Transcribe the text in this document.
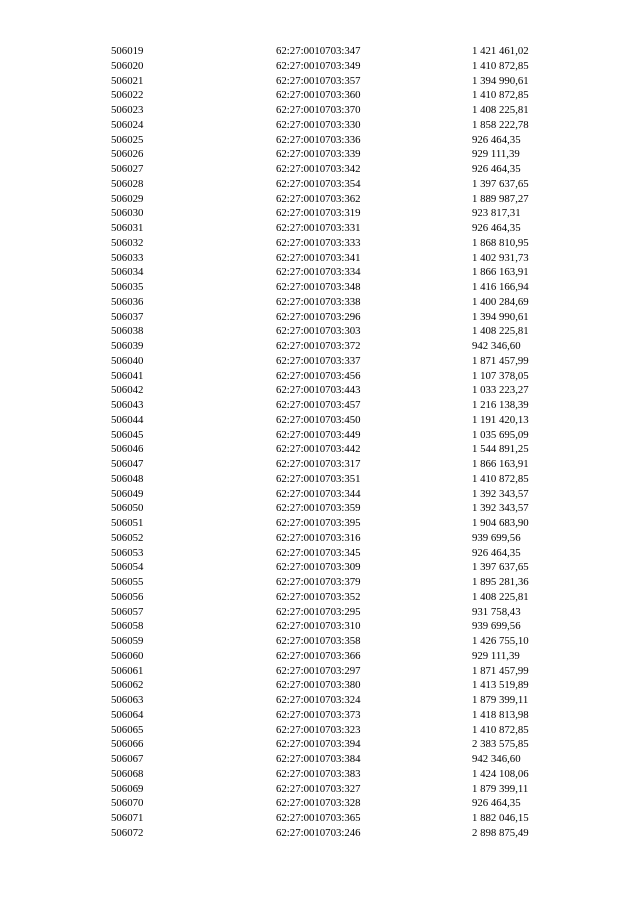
506019	62:27:0010703:347	1 421 461,02
506020	62:27:0010703:349	1 410 872,85
506021	62:27:0010703:357	1 394 990,61
506022	62:27:0010703:360	1 410 872,85
506023	62:27:0010703:370	1 408 225,81
506024	62:27:0010703:330	1 858 222,78
506025	62:27:0010703:336	926 464,35
506026	62:27:0010703:339	929 111,39
506027	62:27:0010703:342	926 464,35
506028	62:27:0010703:354	1 397 637,65
506029	62:27:0010703:362	1 889 987,27
506030	62:27:0010703:319	923 817,31
506031	62:27:0010703:331	926 464,35
506032	62:27:0010703:333	1 868 810,95
506033	62:27:0010703:341	1 402 931,73
506034	62:27:0010703:334	1 866 163,91
506035	62:27:0010703:348	1 416 166,94
506036	62:27:0010703:338	1 400 284,69
506037	62:27:0010703:296	1 394 990,61
506038	62:27:0010703:303	1 408 225,81
506039	62:27:0010703:372	942 346,60
506040	62:27:0010703:337	1 871 457,99
506041	62:27:0010703:456	1 107 378,05
506042	62:27:0010703:443	1 033 223,27
506043	62:27:0010703:457	1 216 138,39
506044	62:27:0010703:450	1 191 420,13
506045	62:27:0010703:449	1 035 695,09
506046	62:27:0010703:442	1 544 891,25
506047	62:27:0010703:317	1 866 163,91
506048	62:27:0010703:351	1 410 872,85
506049	62:27:0010703:344	1 392 343,57
506050	62:27:0010703:359	1 392 343,57
506051	62:27:0010703:395	1 904 683,90
506052	62:27:0010703:316	939 699,56
506053	62:27:0010703:345	926 464,35
506054	62:27:0010703:309	1 397 637,65
506055	62:27:0010703:379	1 895 281,36
506056	62:27:0010703:352	1 408 225,81
506057	62:27:0010703:295	931 758,43
506058	62:27:0010703:310	939 699,56
506059	62:27:0010703:358	1 426 755,10
506060	62:27:0010703:366	929 111,39
506061	62:27:0010703:297	1 871 457,99
506062	62:27:0010703:380	1 413 519,89
506063	62:27:0010703:324	1 879 399,11
506064	62:27:0010703:373	1 418 813,98
506065	62:27:0010703:323	1 410 872,85
506066	62:27:0010703:394	2 383 575,85
506067	62:27:0010703:384	942 346,60
506068	62:27:0010703:383	1 424 108,06
506069	62:27:0010703:327	1 879 399,11
506070	62:27:0010703:328	926 464,35
506071	62:27:0010703:365	1 882 046,15
506072	62:27:0010703:246	2 898 875,49
